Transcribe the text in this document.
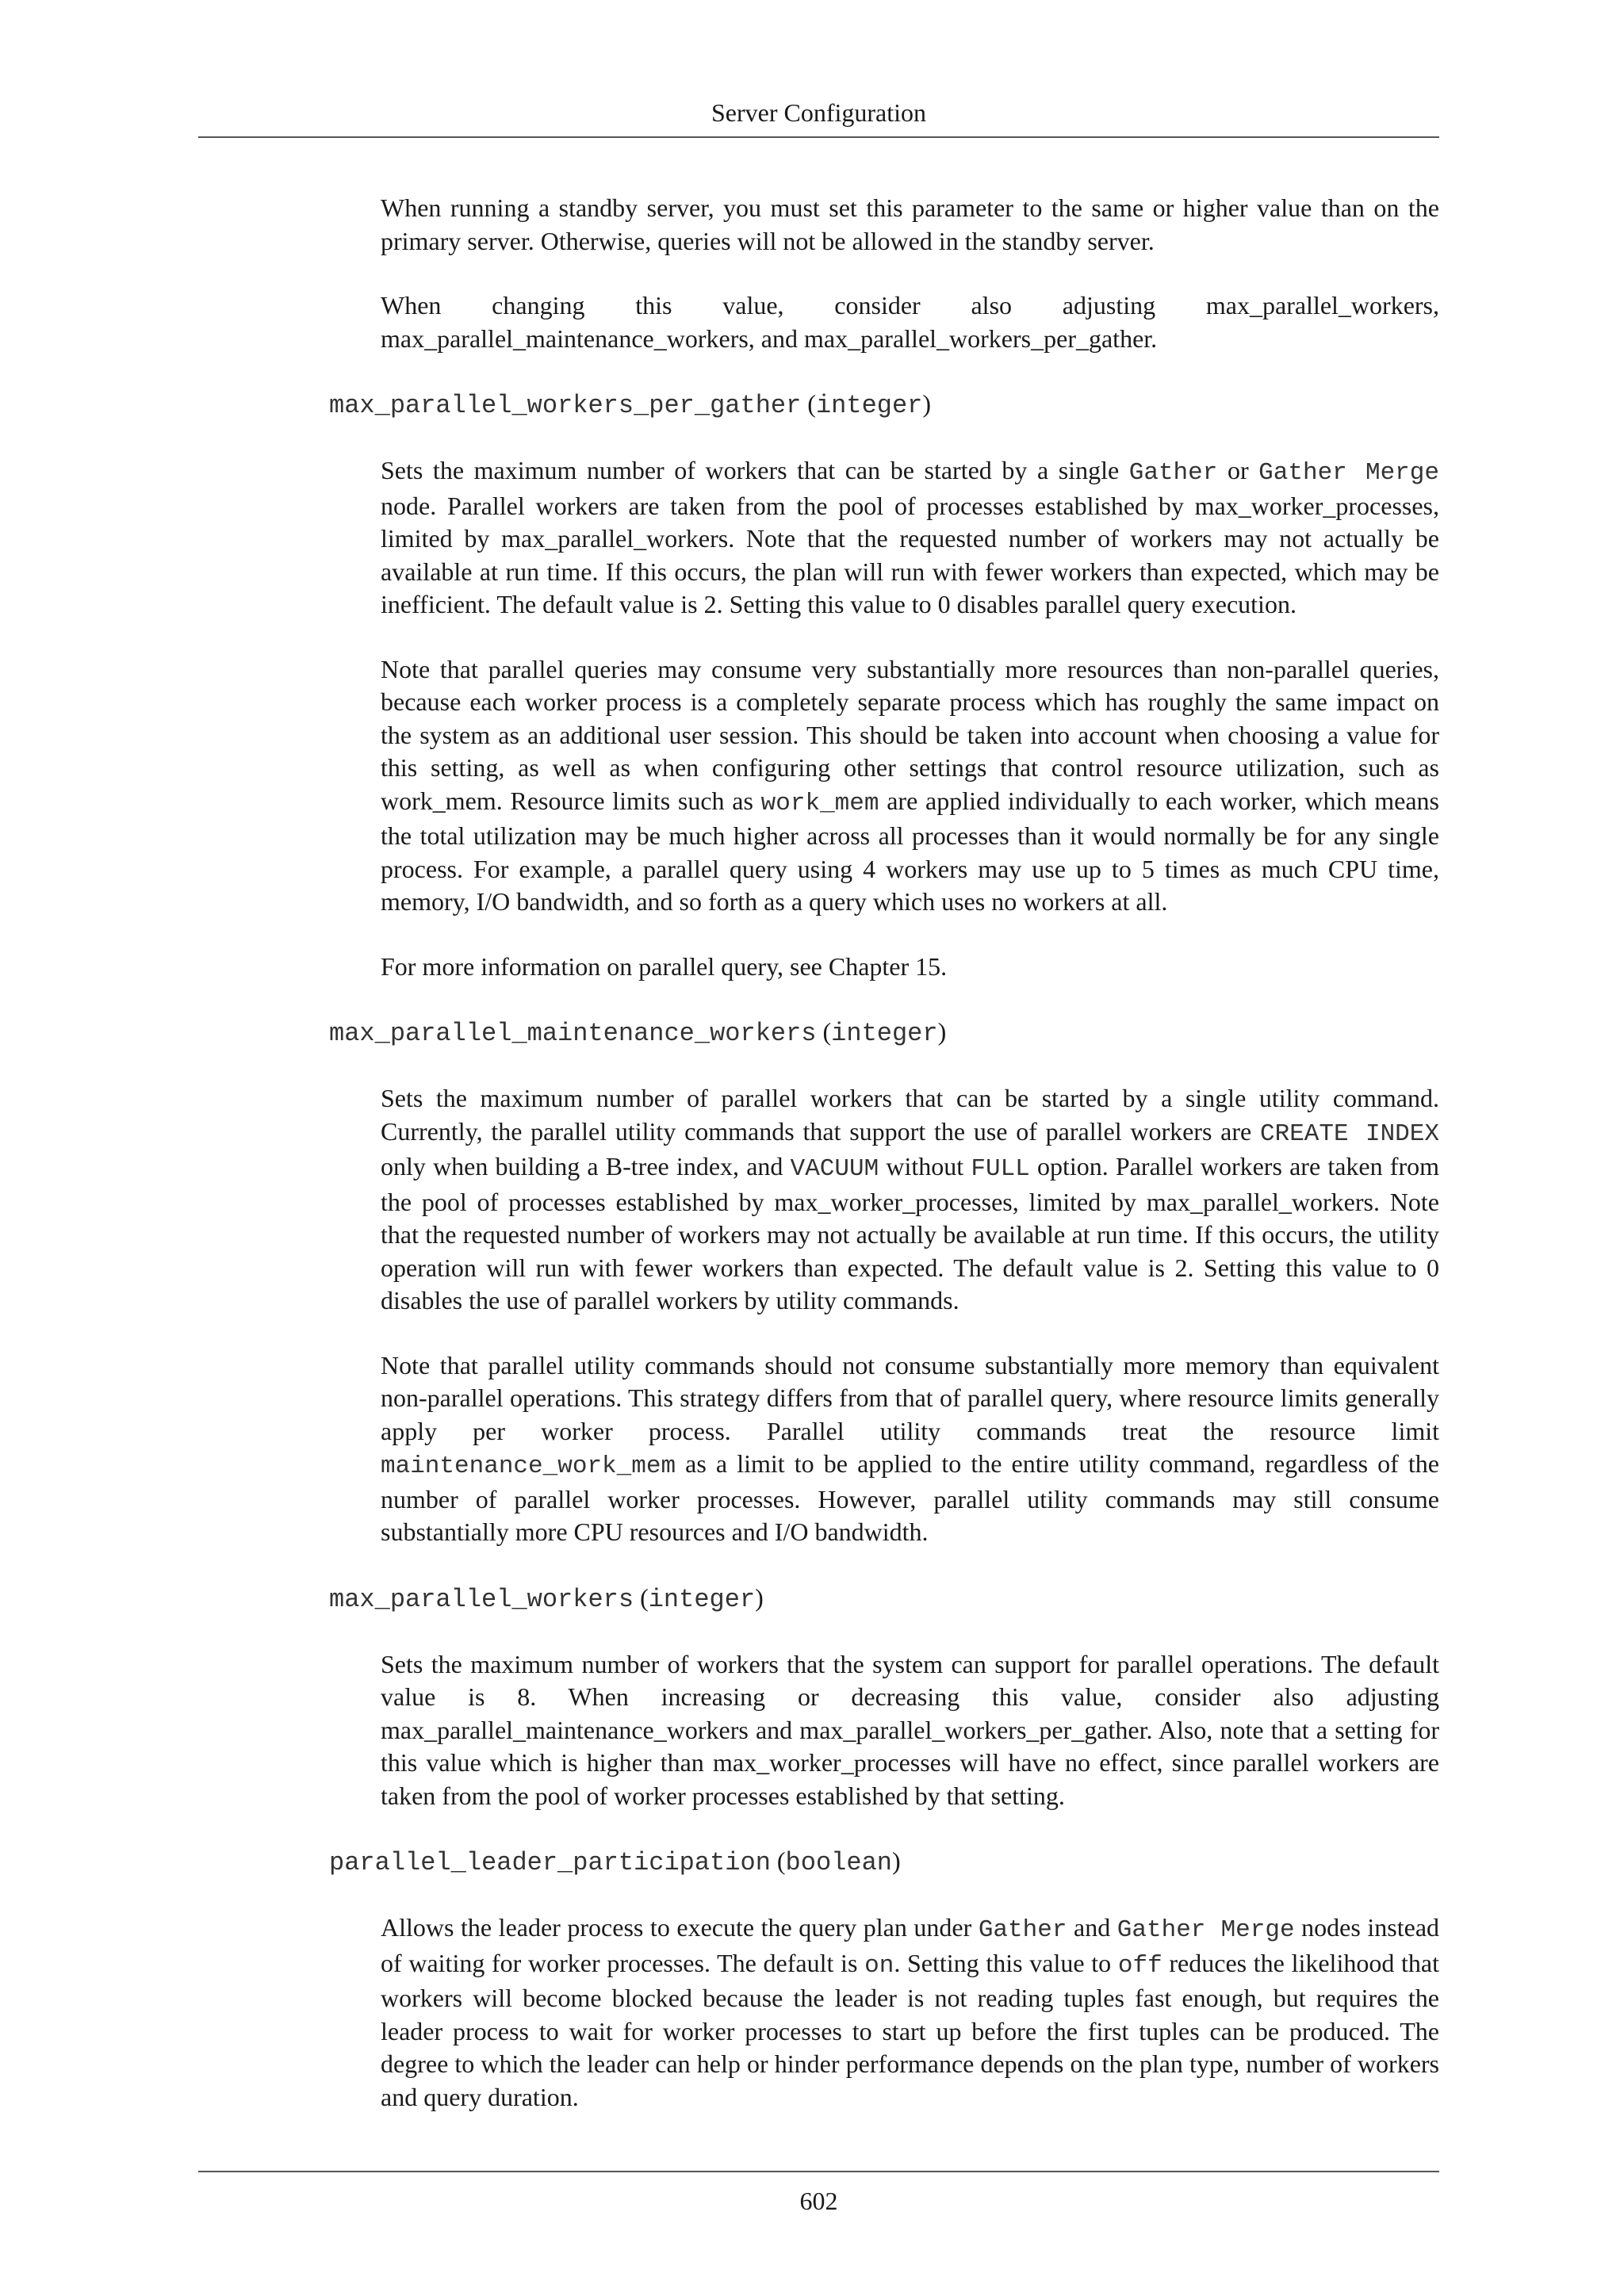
Server Configuration

When running a standby server, you must set this parameter to the same or higher value than on the primary server. Otherwise, queries will not be allowed in the standby server.

When changing this value, consider also adjusting max_parallel_workers, max_parallel_maintenance_workers, and max_parallel_workers_per_gather.

max_parallel_workers_per_gather (integer)

Sets the maximum number of workers that can be started by a single Gather or Gather Merge node. Parallel workers are taken from the pool of processes established by max_worker_processes, limited by max_parallel_workers. Note that the requested number of workers may not actually be available at run time. If this occurs, the plan will run with fewer workers than expected, which may be inefficient. The default value is 2. Setting this value to 0 disables parallel query execution.

Note that parallel queries may consume very substantially more resources than non-parallel queries, because each worker process is a completely separate process which has roughly the same impact on the system as an additional user session. This should be taken into account when choosing a value for this setting, as well as when configuring other settings that control resource utilization, such as work_mem. Resource limits such as work_mem are applied individually to each worker, which means the total utilization may be much higher across all processes than it would normally be for any single process. For example, a parallel query using 4 workers may use up to 5 times as much CPU time, memory, I/O bandwidth, and so forth as a query which uses no workers at all.

For more information on parallel query, see Chapter 15.

max_parallel_maintenance_workers (integer)

Sets the maximum number of parallel workers that can be started by a single utility command. Currently, the parallel utility commands that support the use of parallel workers are CREATE INDEX only when building a B-tree index, and VACUUM without FULL option. Parallel workers are taken from the pool of processes established by max_worker_processes, limited by max_parallel_workers. Note that the requested number of workers may not actually be available at run time. If this occurs, the utility operation will run with fewer workers than expected. The default value is 2. Setting this value to 0 disables the use of parallel workers by utility commands.

Note that parallel utility commands should not consume substantially more memory than equivalent non-parallel operations. This strategy differs from that of parallel query, where resource limits generally apply per worker process. Parallel utility commands treat the resource limit maintenance_work_mem as a limit to be applied to the entire utility command, regardless of the number of parallel worker processes. However, parallel utility commands may still consume substantially more CPU resources and I/O bandwidth.

max_parallel_workers (integer)

Sets the maximum number of workers that the system can support for parallel operations. The default value is 8. When increasing or decreasing this value, consider also adjusting max_parallel_maintenance_workers and max_parallel_workers_per_gather. Also, note that a setting for this value which is higher than max_worker_processes will have no effect, since parallel workers are taken from the pool of worker processes established by that setting.

parallel_leader_participation (boolean)

Allows the leader process to execute the query plan under Gather and Gather Merge nodes instead of waiting for worker processes. The default is on. Setting this value to off reduces the likelihood that workers will become blocked because the leader is not reading tuples fast enough, but requires the leader process to wait for worker processes to start up before the first tuples can be produced. The degree to which the leader can help or hinder performance depends on the plan type, number of workers and query duration.

602
